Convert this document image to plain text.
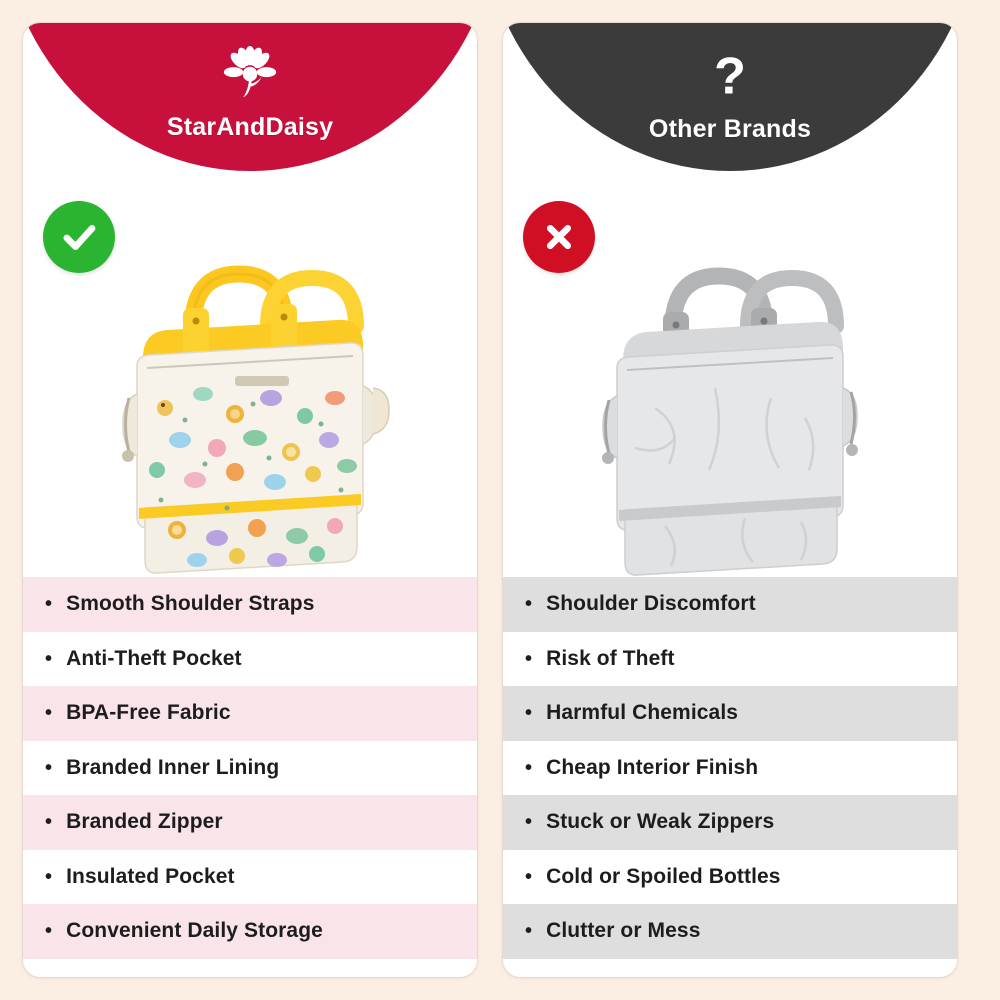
StarAndDaisy
• Smooth Shoulder Straps
• Anti-Theft Pocket
• BPA-Free Fabric
• Branded Inner Lining
• Branded Zipper
• Insulated Pocket
• Convenient Daily Storage
?
Other Brands
• Shoulder Discomfort
• Risk of Theft
• Harmful Chemicals
• Cheap Interior Finish
• Stuck or Weak Zippers
• Cold or Spoiled Bottles
• Clutter or Mess
